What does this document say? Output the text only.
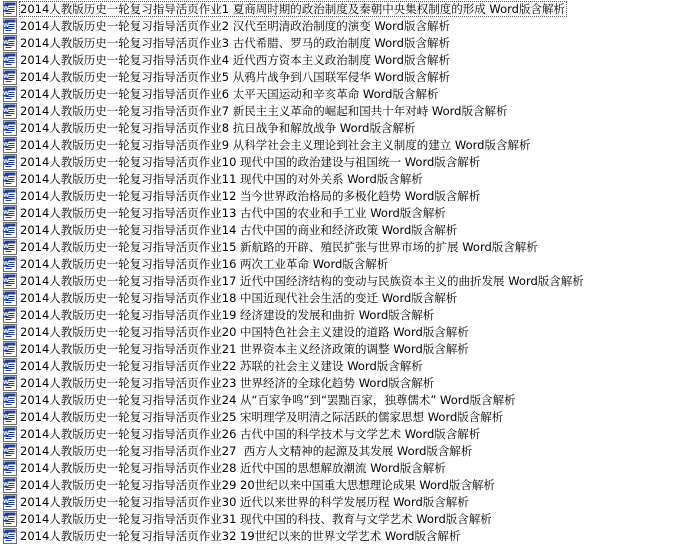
W 2014人教版历史一轮复习指导活页作业1 夏商周时期的政治制度及秦朝中央集权制度的形成 Word版含解析
W 2014人教版历史一轮复习指导活页作业2 汉代至明清政治制度的演变 Word版含解析
W 2014人教版历史一轮复习指导活页作业3 古代希腊、罗马的政治制度 Word版含解析
W 2014人教版历史一轮复习指导活页作业4 近代西方资本主义政治制度 Word版含解析
W 2014人教版历史一轮复习指导活页作业5 从鸦片战争到八国联军侵华 Word版含解析
W 2014人教版历史一轮复习指导活页作业6 太平天国运动和辛亥革命 Word版含解析
W 2014人教版历史一轮复习指导活页作业7 新民主主义革命的崛起和国共十年对峙 Word版含解析
W 2014人教版历史一轮复习指导活页作业8 抗日战争和解放战争 Word版含解析
W 2014人教版历史一轮复习指导活页作业9 从科学社会主义理论到社会主义制度的建立 Word版含解析
W 2014人教版历史一轮复习指导活页作业10 现代中国的政治建设与祖国统一 Word版含解析
W 2014人教版历史一轮复习指导活页作业11 现代中国的对外关系 Word版含解析
W 2014人教版历史一轮复习指导活页作业12 当今世界政治格局的多极化趋势 Word版含解析
W 2014人教版历史一轮复习指导活页作业13 古代中国的农业和手工业 Word版含解析
W 2014人教版历史一轮复习指导活页作业14 古代中国的商业和经济政策 Word版含解析
W 2014人教版历史一轮复习指导活页作业15 新航路的开辟、殖民扩张与世界市场的扩展 Word版含解析
W 2014人教版历史一轮复习指导活页作业16 两次工业革命 Word版含解析
W 2014人教版历史一轮复习指导活页作业17 近代中国经济结构的变动与民族资本主义的曲折发展 Word版含解析
W 2014人教版历史一轮复习指导活页作业18 中国近现代社会生活的变迁 Word版含解析
W 2014人教版历史一轮复习指导活页作业19 经济建设的发展和曲折 Word版含解析
W 2014人教版历史一轮复习指导活页作业20 中国特色社会主义建设的道路 Word版含解析
W 2014人教版历史一轮复习指导活页作业21 世界资本主义经济政策的调整 Word版含解析
W 2014人教版历史一轮复习指导活页作业22 苏联的社会主义建设 Word版含解析
W 2014人教版历史一轮复习指导活页作业23 世界经济的全球化趋势 Word版含解析
W 2014人教版历史一轮复习指导活页作业24 从“百家争鸣”到“罢黜百家，独尊儒术” Word版含解析
W 2014人教版历史一轮复习指导活页作业25 宋明理学及明清之际活跃的儒家思想 Word版含解析
W 2014人教版历史一轮复习指导活页作业26 古代中国的科学技术与文学艺术 Word版含解析
W 2014人教版历史一轮复习指导活页作业27  西方人文精神的起源及其发展 Word版含解析
W 2014人教版历史一轮复习指导活页作业28 近代中国的思想解放潮流 Word版含解析
W 2014人教版历史一轮复习指导活页作业29 20世纪以来中国重大思想理论成果 Word版含解析
W 2014人教版历史一轮复习指导活页作业30 近代以来世界的科学发展历程 Word版含解析
W 2014人教版历史一轮复习指导活页作业31 现代中国的科技、教育与文学艺术 Word版含解析
W 2014人教版历史一轮复习指导活页作业32 19世纪以来的世界文学艺术 Word版含解析
